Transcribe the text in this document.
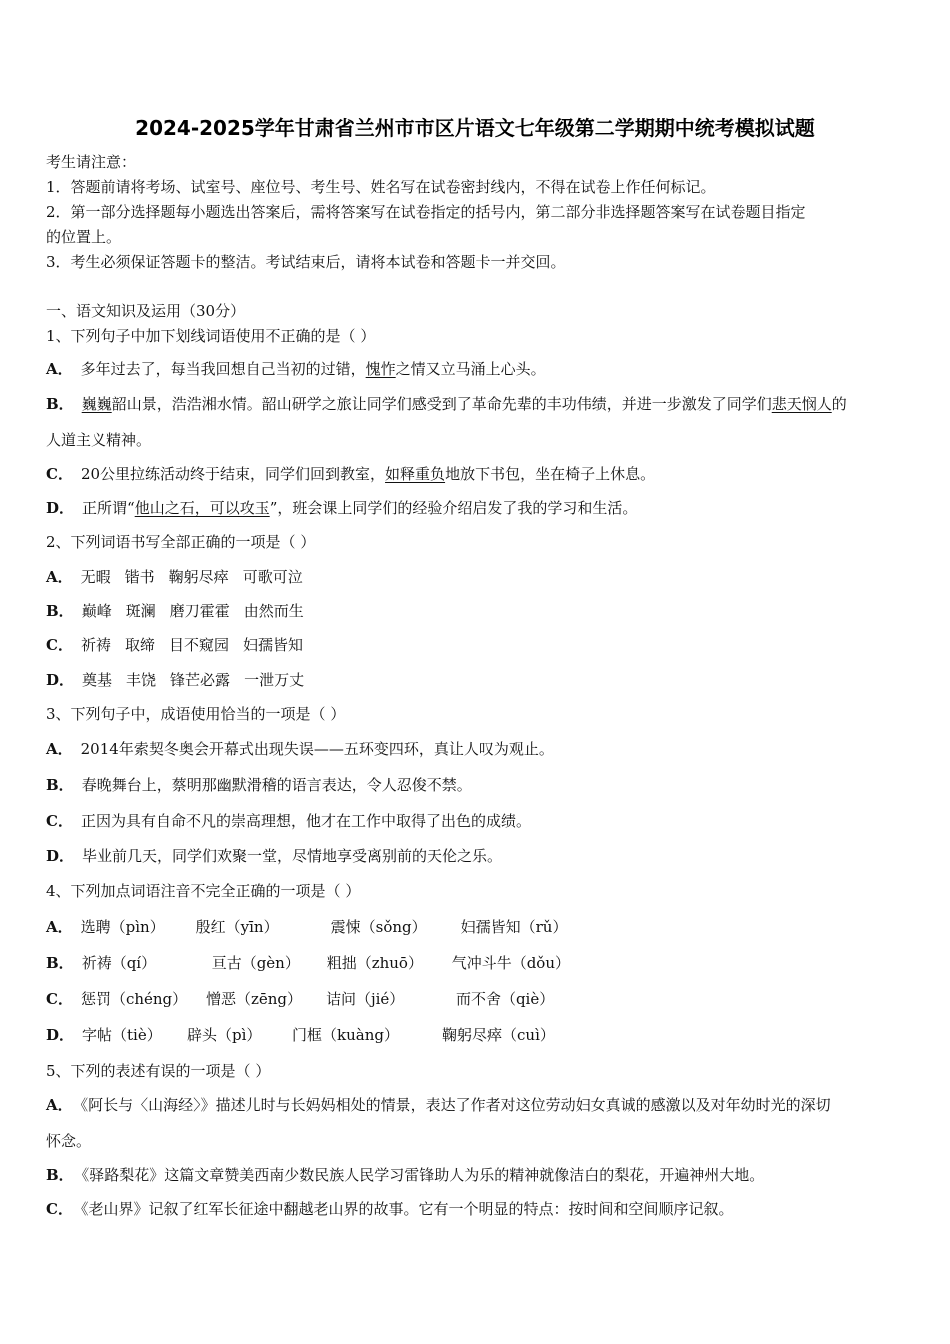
2024-2025学年甘肃省兰州市市区片语文七年级第二学期期中统考模拟试题
考生请注意：
1．答题前请将考场、试室号、座位号、考生号、姓名写在试卷密封线内，不得在试卷上作任何标记。
2．第一部分选择题每小题选出答案后，需将答案写在试卷指定的括号内，第二部分非选择题答案写在试卷题目指定
的位置上。
3．考生必须保证答题卡的整洁。考试结束后，请将本试卷和答题卡一并交回。
一、语文知识及运用（30分）
1、下列句子中加下划线词语使用不正确的是（ ）
A． 多年过去了，每当我回想自己当初的过错，愧怍之情又立马涌上心头。
B． 巍巍韶山景，浩浩湘水情。韶山研学之旅让同学们感受到了革命先辈的丰功伟绩，并进一步激发了同学们悲天悯人的
人道主义精神。
C． 20公里拉练活动终于结束，同学们回到教室，如释重负地放下书包，坐在椅子上休息。
D． 正所谓“他山之石，可以攻玉”，班会课上同学们的经验介绍启发了我的学习和生活。
2、下列词语书写全部正确的一项是（ ）
A． 无暇 锴书 鞠躬尽瘁 可歌可泣
B． 巅峰 斑澜 磨刀霍霍 由然而生
C． 祈祷 取缔 目不窥园 妇孺皆知
D． 奠基 丰饶 锋芒必露 一泄万丈
3、下列句子中，成语使用恰当的一项是（ ）
A． 2014年索契冬奥会开幕式出现失误——五环变四环，真让人叹为观止。
B． 春晚舞台上，蔡明那幽默滑稽的语言表达，令人忍俊不禁。
C． 正因为具有自命不凡的崇高理想，他才在工作中取得了出色的成绩。
D． 毕业前几天，同学们欢聚一堂，尽情地享受离别前的天伦之乐。
4、下列加点词语注音不完全正确的一项是（ ）
A． 选聘（pìn） 殷红（yīn）	震悚（sǒng） 妇孺皆知（rǔ）
B． 祈祷（qí）	亘古（gèn） 粗拙（zhuō） 气冲斗牛（dǒu）
C． 惩罚（chéng） 憎恶（zēng） 诘问（jié）	而不舍（qiè）
D． 字帖（tiè） 辟头（pì） 门框（kuàng）	鞠躬尽瘁（cuì）
5、下列的表述有误的一项是（ ）
A． 《阿长与〈山海经〉》描述儿时与长妈妈相处的情景，表达了作者对这位劳动妇女真诚的感激以及对年幼时光的深切
怀念。
B． 《驿路梨花》这篇文章赞美西南少数民族人民学习雷锋助人为乐的精神就像洁白的梨花，开遍神州大地。
C． 《老山界》记叙了红军长征途中翻越老山界的故事。它有一个明显的特点：按时间和空间顺序记叙。
